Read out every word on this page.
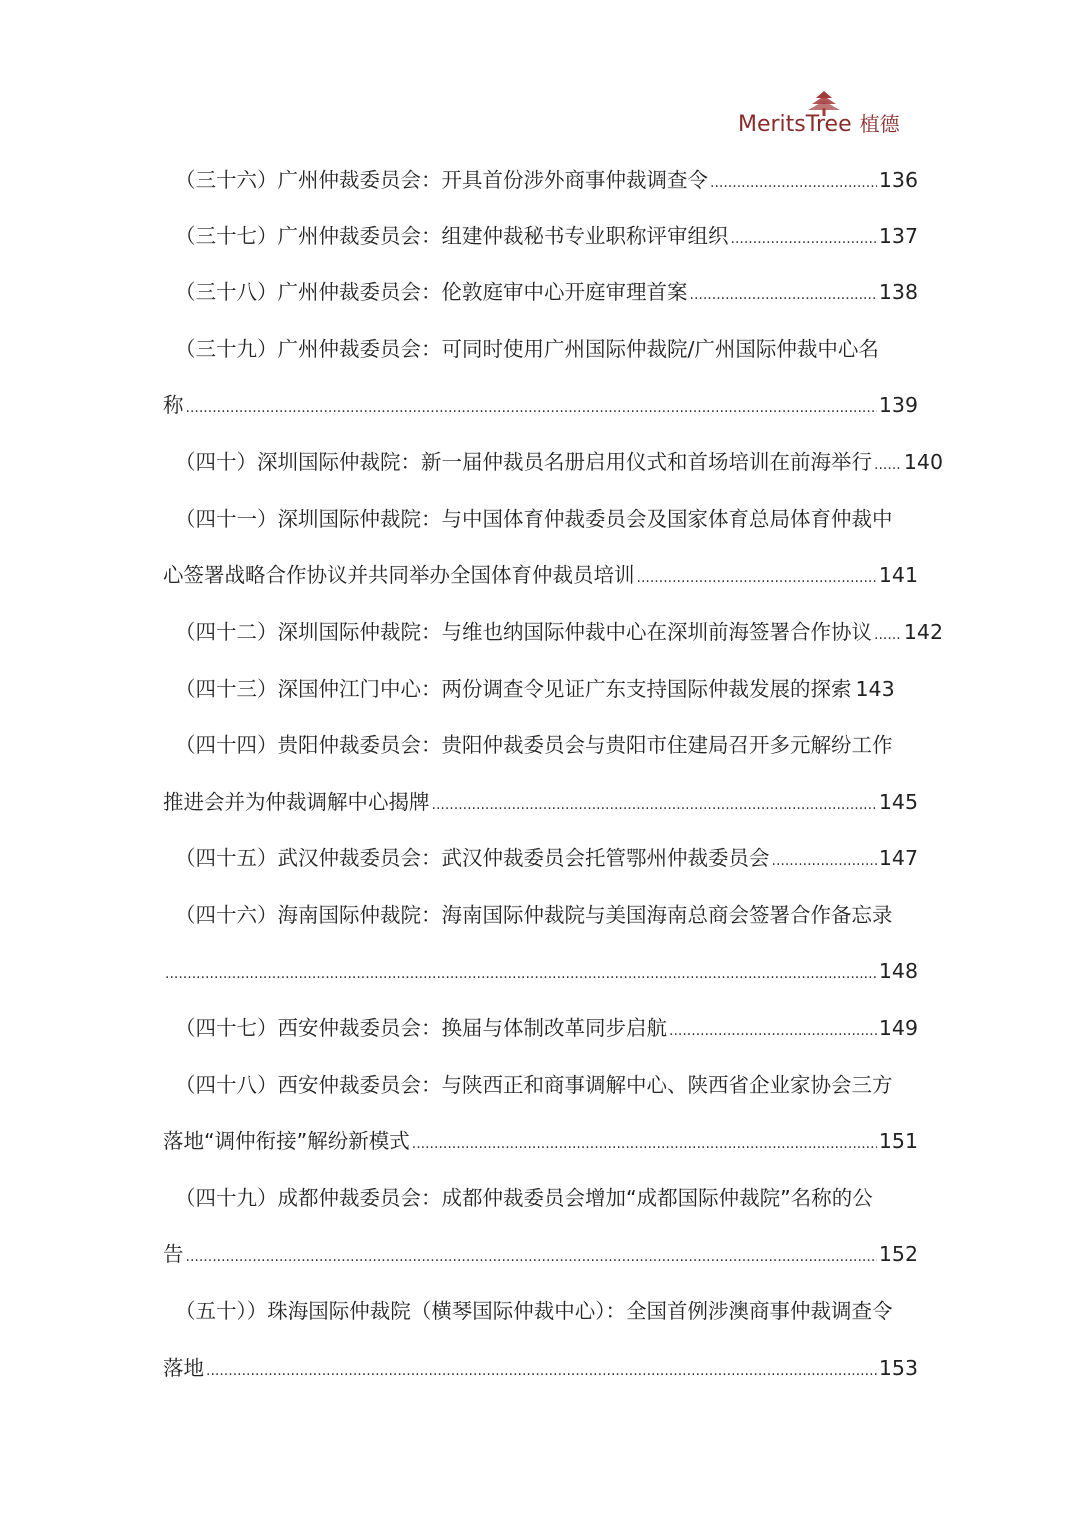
MeritsTree 植德
（三十六）广州仲裁委员会：开具首份涉外商事仲裁调查令 .....	136
（三十七）广州仲裁委员会：组建仲裁秘书专业职称评审组织 .....	137
（三十八）广州仲裁委员会：伦敦庭审中心开庭审理首案 .....	138
（三十九）广州仲裁委员会：可同时使用广州国际仲裁院/广州国际仲裁中心名
称 .....	139
（四十）深圳国际仲裁院：新一届仲裁员名册启用仪式和首场培训在前海举行 ..... 140
（四十一）深圳国际仲裁院：与中国体育仲裁委员会及国家体育总局体育仲裁中
心签署战略合作协议并共同举办全国体育仲裁员培训 .....	141
（四十二）深圳国际仲裁院：与维也纳国际仲裁中心在深圳前海签署合作协议 ..... 142
（四十三）深国仲江门中心：两份调查令见证广东支持国际仲裁发展的探索 143
（四十四）贵阳仲裁委员会：贵阳仲裁委员会与贵阳市住建局召开多元解纷工作
推进会并为仲裁调解中心揭牌 .....	145
（四十五）武汉仲裁委员会：武汉仲裁委员会托管鄂州仲裁委员会 .....	147
（四十六）海南国际仲裁院：海南国际仲裁院与美国海南总商会签署合作备忘录
.....
148
（四十七）西安仲裁委员会：换届与体制改革同步启航 .....	149
（四十八）西安仲裁委员会：与陕西正和商事调解中心、陕西省企业家协会三方
落地“调仲衔接”解纷新模式 .....	151
（四十九）成都仲裁委员会：成都仲裁委员会增加“成都国际仲裁院”名称的公
告 .....	152
（五十））珠海国际仲裁院（横琴国际仲裁中心）：全国首例涉澳商事仲裁调查令
落地 .....	153
